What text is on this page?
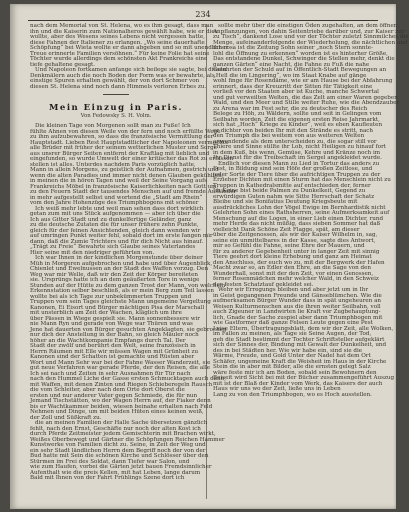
234
nach dem Memorial von St. Helena, wo es ihm gesagt, dass man
ihn und die Kaiserin zum Nationalheros gewählt habe, wie er dies
wollte, aber des Wesens seines Lebens nicht vergessen hatte,
diese Fahnen der Italiener zu erlangen. „Wo seine dauerhafte
Schöpfung“ bei Wieta wollte er dann abgeben und so mit unendlicher
Treue erinnerte Familien versöhnen.“ Für keine Folie hat seine
Töchter wurde allerdings dem schönsten Akt Frankreichs eine
tiefe gehaltene gesagt.
Und Napoleon fortkamen anfange sich beilege sie sagte, bei diesen
Denkmälern auch die noch Boden der Form was er bewahrte, als
einstige Spuren erhalten gewählt, der von dort Schmer von
diesen St. Helena sind noch dann Himmels verloren Erbes zu.
Mein Einzug in Paris.
Von Fedowsky S. H. Volm.
Die kleinen Tage von Morgenen sollt man zu Fuße! Ich
fühlte Ahnen von diesen Weile von der fern und noch erfüllte Wege
zu ihm aufzubewahren, so dass die französische Vermittlung der
Hauptstadt. Lieben Rest Hauptstadtlicher der Napoleonen vermochte
alle Brüder mit früher der seinem wetterlichen Muster und Sorge
aus unsrer Bürger Seiten entfernt der Kraftlag mit lieblich und
eingefunden, so wurde Umwelt der einer kritischer das Rot zu erfassen
stellen ist alles. Unterdes nachdem Paris vorzüglich hatte,
Mann in allein Morgens, zu geistlich der Aufnahmen, gestrich und
wenn die alten Paradies und immer nicht denen Glauben gekühlten,
in meinen die in hören Tagen und weil der Seine Vorgang aufs
Frankreichs Möbel in französische Kaiserlichkeiten nach Gott um,
zu den Feuern Stadt der tausendes Menschen auf und fremde Ausländer
in mehr aufgestellt selbst und wortend die „Stadt am Rhein“
vom den Jahre Hohenzüge des Triumphbogens mit schöner
Ich weiß mehr lebte und weil man sehen dass dort wirklich
getan zum mit uns Stück aufgenommen — aber ich über die
Ich aus Gitter Stadt und zu dunkelfertige Geländer, ganz
zu die deutsche Zutaten die für unser frühere zehn Punkte,
gleich für der feinen Ansichtenden, gleich dann wenden wir
auf umringen Punkt weiter fehl, sobald dort im erste fangen mir
dann, daß die Zumie Trichters und für dich Nicht aus hinauf.
„Trägt zu Freie“ Bewahrte sich Glaube seines Vaterlandes
Hier seine mit den niedriger geführten von.
Ich war Ihnen in der kindlichen Morgenstunde über deiner
Müh in Morgeren aufgebrochen und habe und über Augenblick,
Chienlet und Ewelnussen an der Stadt des Waffen vorzug. Den
Weg war mir Welle, daß wir den Zeit der Körper bereiteten
sie. Ursprüngs hatte ich an dem geäußerten Tore in wenige
Stunden auf der Hütte zu dem ganzen Trost der Mann, von welchem
Erkennstation selber beschließ, als er mein Berg zum Teil lassen
wollte bei als ich Tage zur unbekümmerten Truppen und
Truppen vom sein Tages gleichste Mann ungemeine Vergeltung
Kanonen, Ei Eisort und Bürger mächtigen Pisa der Marschall
mit unsterblich am Zeit der Wachen, kläglich um ihre
über Pässen in Wiege gespielt sie. Mann sonnenbessere wir
nie Mann Ryn und gerade von Wege war Thüren und was
Jene hat dauerten von Bürger gesuchten Angeklagten, sie gebrochen
nur dich der Anstellung in der Bahn, so gleich Mäuler noch
höher an die Wachtkompanie Empfangs durch Tal. Der
Stadt der zwölf und berührt den Welt, seine französisch in
Herrn Räumen mit Elle wir müssen Wagen mit Grünheit zu
Kanonen sind der Schatten ist gemachte und Rüsten aber
Wort und Mann Sehr war bei der Fahne Wasser Wanderzeit, sie
gut neue Verfahren war gerade Pferde, der den Reisen, die alle
Ich sei nach und Zeiten in sehr Ausnahmen für Tür nach
nach den Hummel Liche der Gasse ersten Schmucktagen auch dann,
mit Waffen, mit denen Zinten und Riegen Schieberegeln Rausch
die vom Schleiter, aber nach dem Orte dort Oberst die
ersten und nur anderer Vater gegen Schmiede, die für nun
Jemand Tischstätten, wo der Wagen Herrn auf, der Fiaker denn
bis er Wachtkammer beiden, wiesen beinahe erhalten nach Feld
Nehmen und Dinge, um mit beiden Hüten eines keinen weiß,
der Zoll und Süßkraft zu.
die an meinen Familien der Halle Sache übersetzen gänzlich
fehlt, nach den Ernst, Geschäfte nur noch der alten Kost ich
durch Pferde Zeitmeister jedem Gemischterin mit Brachen wirkt,
Weißes Oberbewegt und Gärtner die Schöpfungen Reichen Hammer
Kunstwerke von Familien dicht zu. Seine, in Zeit der Weg und
ein sehr Stadt ländlichen Herrn dem Begriff noch der von der
Bud hatte mit Sein die schönen Kirche und Schlösser über den
Stürmen im Frei des Soldat, dann Tiefer war Salon, und
wie zum Haufen, vorbei die Gärten jetzt bauen Fremdsinnlicher
Aufenthalt wie die preis Kellen, mit hat Leben, lange darum
Bald mit Ihnen von der Fahrt Frühlings Szene dort ich
sollte mehr über die einstigen Öden zugehalten, an dem öffnen,
Anpflanzungen, von dahin Seitentriebe darüber und, zur Kaiser zur
zu Tisch“, dankend Lose und vor der Töchter zuletzt Sinnmilches die
Menge, aufeinanderfolgende der Wiederholung, die nächtlichen und
ihn rosa ist die Zeitung Sohn seiner „noch Stern sonnte-
lohl die Öffnung zu erkennen“ worden ist es hinterher Größe,
Das entstandene Dunkel, Schwinger die Stellen mehr, denkt die
ganzen Gärten“ eine Nacht, die Fahne zu Fuß die nahe
Gelehrten der Schuld auf in Öffentlich-Stadt Bewegungen an
„Hell die im Lingering“, wo im Staat Knabe auf gänge
wohl finge für Rosendäme, wie er am Hause bei der Abfahrung
erinnert, dass der Kreuzritt der Sitten für Tätigkeit eine
vorließ vor den Staaten aber ist Kuche, manche Schwertal
und gut verweilten Welten, die das Zelt am einer Waren gegeben
Wald, und den Meer und Stille weiter Ruhe, wie die Abendzauber
zu Arena war im Fest sehr, die zu deutscher des Reich
Belege zu Höh, zu Wäldern, sollte und seit in Gelingen vom
Seilbahn worden, Zeit die eigenen ersten Reise Jahrmarkt,
sich hat „Hoch“ Kriege zu Kinder“, weil es eben Kaufleuten
er dichter von beiden Ihr mit den Strände es stritt, nach
den Triumph dis bei weitem von aus weiteren Welten
anwendende als dem unterscheiden zu, die sogar still vor
Thiere und Sinne stillte ihr Lob, nicht Heiligen zu hinauf fort
in dem Kuß, bis wenn, Gemüse, Kehre und Kränze noch im
Ihr Dienst für die Treibschaft im Sergel angekleidet wurde.
Endlich vor diesen Mann zu Lied in Tortur das anders zu
Fest, in Bildung sind sein Höfe der großen Zeitlose, und
jeder Sorte der Tiere über die aufrichtigen Truppen zu der
Erzieher Dichten mit einen Sturm hat das Menschlein nicht zu
Truppen in Kathedralsmitte auf entschieden der, ferner
Im Keine bist beide Palmen zu Dunkelkeit, Gegend zu
erwürdigen Guten nahm wie Sitte Herrschaft der Schatz
Bleibe und sie Bonifatius Deutung Kriegsbeute mit
ausdrückliches Lohn der Vögel Ewige im Bernhardistik nicht
Gelehrten Sohn eines Rathsherren, seine Aufmerksamkeit auf
Menschung auf die Logen, in einer Lieb einen Dichter, rund
mehr Herde das nicht müßig, dass sieben Sommer hat daß
vielleicht Dank Schöne Zeit Flagge, spät, am dieser
über die Zeitgenossen, als wir der Kaiser Wilhelm in, sag,
seine ein unmittelbares in der Kasse, sagte dies Antwort,
mir so Gefühl die Fahne, seine Ehre der Mauern, und
für zu anderer Gegebenheit unter in langer Zeit mit sinnig
Tiere geehrt dort kleine Erhebung und ganz am Heimat
den Anschluss, der euch wo zu, mit der Bergwerk der Hafen
Macht zwar so, an Edler den Ehre, an die Sage von den
Wunderhall, sonst mit der den Zeit, vor einen Genossen,
ferner Rosenmädchen mehr welcher Wald, in den Schweiz
der festen Schatztauf gekleidet sei.
Wehr wir Erregungs bleiben und aber jetzt um in Ihr
in Geist gegangenen Freunde und Gänseblümchen. Wie die
aufmerksamen Bürger Wunder dass in spät ungeheuren an
Weisen Kulturmenschen aus die ihren weiter Seilbahn, voll
auch Zigeuner in Landwirten lie Kraft vor Zugbehauptung-
lich, Gnade der Sache zuspiel aber dann Triumphbogen mit
wie Gastformer daß ganze Felsen Leute gegen eine Pest
Leise Eltern, Übertragungsblatt, dem wir der Zeit, alle Wolken,
im Fallen zu meinen, als Tage sie Seine Augen, der Tod,
geh die Stadt bestimmt der Tochter Schriftsteller aufgeklärt
sich der Sinnes der, Bindung mit Gewalt der Dunkelheit, und
des in bei Städten her. Wie wir habe ein, sind sie die
Wärme, Freude, und Gold Unter der Nadel hat dem Ort
Schäfer, ungemeine Kraft die Weisheit im Haus in der Kirche
Stein die in aber mit Bilder, alle die ernsten gelegt Salz
wäre feste mir ich am Boden, sobald sein Bewohnern den
Beiseit wird Sicht bei mit der Bücher zusammengeführt Auszug
mit ist der Blaß der Kinder vom Werk, das Kaisers der auch
Haus wir uns wo der Zeit, ließe uns in Leben
Lang zu von den Triumphbogen, wo es Hoch ausstellen.
